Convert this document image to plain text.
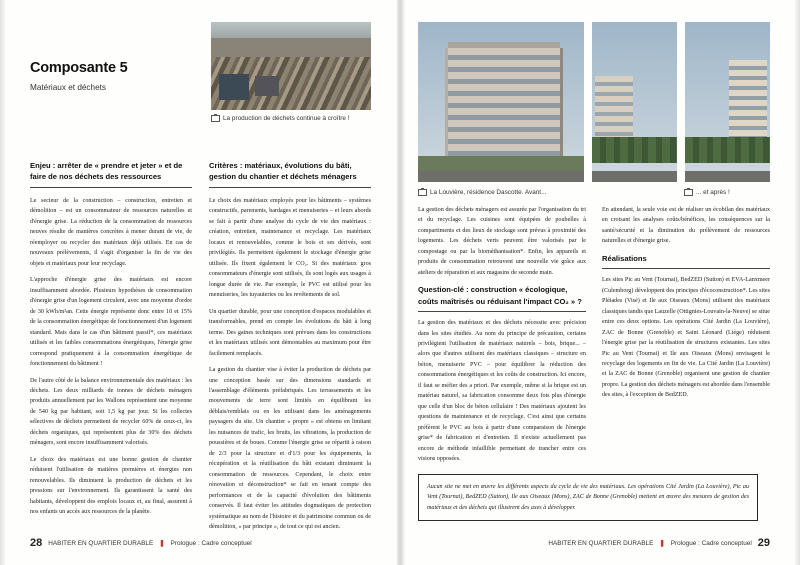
La production de déchets continue à croître !
Composante 5
Matériaux et déchets
Enjeu : arrêter de « prendre et jeter » et de faire de nos déchets des ressources
Critères : matériaux, évolutions du bâti, gestion du chantier et déchets ménagers

Le secteur de la construction – construction, entretien et démolition – est un consommateur de ressources naturelles et d'énergie grise. La réduction de la consommation de ressources neuves résulte de manières concrètes à mener durant de vie, de réemployer ou recycler des matériaux déjà utilisés. En cas de nouveaux prélèvements, il s'agit d'organiser la fin de vie des objets et matériaux pour leur recyclage.

L'approche d'énergie grise des matériaux est encore insuffisamment abordée. Plusieurs hypothèses de consommation d'énergie grise d'un logement circulent, avec une moyenne d'ordre de 30 kWh/m²an. Cette énergie représente donc entre 10 et 15% de la consommation énergétique de fonctionnement d'un logement standard. Mais dans le cas d'un bâtiment passif*, ces matériaux utilisés et les faibles consommations énergétiques, l'énergie grise correspond pratiquement à la consommation énergétique de fonctionnement du bâtiment !

De l'autre côté de la balance environnementale des matériaux : les déchets. Les deux milliards de tonnes de déchets ménagers produits annuellement par les Wallons représentent une moyenne de 540 kg par habitant, soit 1,5 kg par jour. Si les collectes sélectives de déchets permettent de recycler 60% de ceux-ci, les déchets organiques, qui représentent plus de 30% des déchets ménagers, sont encore insuffisamment valorisés.

Le choix des matériaux est une bonne gestion de chantier réduisent l'utilisation de matières premières et énergies non renouvelables. Ils diminuent la production de déchets et les pressions sur l'environnement. Ils garantissent la santé des habitants, développent des emplois locaux et, au final, assurent à nos enfants un accès aux ressources de la planète.

Le choix des matériaux employés pour les bâtiments – systèmes constructifs, parements, bardages et menuiseries – et leurs abords se fait à partir d'une analyse du cycle de vie des matériaux : création, entretien, maintenance et recyclage. Les matériaux locaux et renouvelables, comme le bois et ses dérivés, sont privilégiés. Ils permettent également le stockage d'énergie grise utilisée. Ils fixent également le CO₂. Si des matériaux gros consommateurs d'énergie sont utilisés, ils sont logés aux usages à longue durée de vie. Par exemple, le PVC est utilisé pour les menuiseries, les tuyauteries ou les revêtements de sol.

Un quartier durable, pour une conception d'espaces modulables et transformables, prend en compte les évolutions du bâti à long terme. Des gaines techniques sont prévues dans les constructions et les matériaux utilisés sont démontables au maximum pour être facilement remplacés.

La gestion du chantier vise à éviter la production de déchets par une conception basée sur des dimensions standards et l'assemblage d'éléments préfabriqués. Les terrassements et les mouvements de terre sont limités en équilibrant les déblais/remblais ou en les utilisant dans les aménagements paysagers du site. Un chantier « propre » est obtenu en limitant les nuisances de trafic, les bruits, les vibrations, la production de poussières et de boues. Comme l'énergie grise se répartit à raison de 2/3 pour la structure et d'1/3 pour les équipements, la récupération et la réutilisation du bâti existant diminuent la consommation de ressources. Cependant, le choix entre rénovation et déconstruction* se fait en tenant compte des performances et de la capacité d'évolution des bâtiments conservés. Il faut éviter les attitudes dogmatiques de protection systématique au nom de l'histoire et du patrimoine commun ou de démolition, « par principe », de tout ce qui est ancien.

28 HABITER EN QUARTIER DURABLE ❚ Prologue : Cadre conceptuel
La Louvière, résidence Dascotte. Avant...	... et après !

La gestion des déchets ménagers est assurée par l'organisation du tri et du recyclage. Les cuisines sont équipées de poubelles à compartiments et des lieux de stockage sont prévus à proximité des logements. Les déchets verts peuvent être valorisés par le compostage ou par la biométhanisation*. Enfin, les appareils et produits de consommation retrouvent une nouvelle vie grâce aux ateliers de réparation et aux magasins de seconde main.

Question-clé : construction « écologique, coûts maîtrisés ou réduisant l'impact CO₂ » ?

La gestion des matériaux et des déchets nécessite avec précision dans les sites étudiés. Au nom du principe de précaution, certains privilégient l'utilisation de matériaux naturels – bois, brique... – alors que d'autres utilisent des matériaux classiques – structure en béton, menuiserie PVC – pour équilibrer la réduction des consommations énergétiques et les coûts de construction. Ici encore, il faut se méfier des a priori. Par exemple, même si la brique est un matériau naturel, sa fabrication consomme deux fois plus d'énergie que celle d'un bloc de béton cellulaire ! Des matériaux ajoutent les questions de maintenance et de recyclage. C'est ainsi que certains préfèrent le PVC au bois à partir d'une comparaison de l'énergie grise* de fabrication et d'entretien. Il n'existe actuellement pas encore de méthode infaillible permettant de trancher entre ces visions opposées.

En attendant, la seule voie est de réaliser un écobilan des matériaux en croisant les analyses coûts/bénéfices, les conséquences sur la santé/sécurité et la diminution du prélèvement de ressources naturelles et d'énergie grise.

Réalisations

Les sites Pic au Vent (Tournai), BedZED (Sutton) et EVA-Lanxmeer (Culemborg) développent des principes d'écoconstruction*. Les sites Pléiades (Visé) et Ile aux Oiseaux (Mons) utilisent des matériaux classiques tandis que Lauzelle (Ottignies-Louvain-la-Neuve) se situe entre ces deux options. Les opérations Cité Jardin (La Louvière), ZAC de Bonne (Grenoble) et Saint Léonard (Liège) réduisent l'énergie grise par la réutilisation de structures existantes. Les sites Pic au Vent (Tournai) et Ile aux Oiseaux (Mons) envisagent le recyclage des logements en fin de vie. La Cité Jardin (La Louvière) et la ZAC de Bonne (Grenoble) organisent une gestion de chantier propre. La gestion des déchets ménagers est abordée dans l'ensemble des sites, à l'exception de BedZED.

Aucun site ne met en œuvre les différents aspects du cycle de vie des matériaux. Les opérations Cité Jardin (La Louvière), Pic au Vent (Tournai), BedZED (Sutton), Ile aux Oiseaux (Mons), ZAC de Bonne (Grenoble) mettent en œuvre des mesures de gestion des matériaux et des déchets qui illustrent des axes à développer.

29
Prologue : Cadre conceptuel
❚
HABITER EN QUARTIER DURABLE
